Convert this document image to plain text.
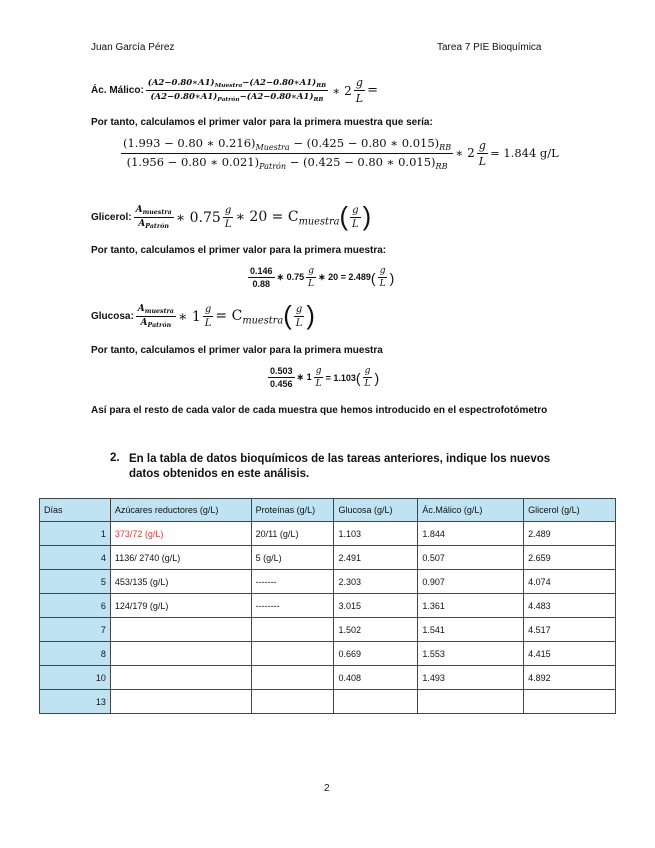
Juan García Pérez	Tarea 7 PIE Bioquímica
Ác. Málico: $\frac{(A2-0.80∗A1)_{Muestra}-(A2-0.80∗A1)_{RB}}{(A2-0.80∗A1)_{Patrón}-(A2-0.80∗A1)_{RB}}$ ∗ $2 \frac{g}{L}$ =
Por tanto, calculamos el primer valor para la primera muestra que sería:
$\frac{(1.993 - 0.80 ∗ 0.216)_{Muestra} - (0.425 - 0.80 ∗ 0.015)_{RB}}{(1.956 - 0.80 ∗ 0.021)_{Patrón} - (0.425 - 0.80 ∗ 0.015)_{RB}}$ ∗ $2 \frac{g}{L} = 1.844$ g/L
Glicerol: $\frac{A_{muestra}}{A_{Patrón}}$ ∗ $0.75 \frac{g}{L}$ ∗ $20 = C_{muestra}$ ( $\frac{g}{L}$ )
Por tanto, calculamos el primer valor para la primera muestra:
$\frac{0.146}{0.88}$ ∗ $0.75 \frac{g}{L}$ ∗ 20 = 2.489 ( $\frac{g}{L}$ )
Glucosa: $\frac{A_{muestra}}{A_{Patrón}}$ ∗ $1 \frac{g}{L} = C_{muestra}$ ( $\frac{g}{L}$ )
Por tanto, calculamos el primer valor para la primera muestra
$\frac{0.503}{0.456}$ ∗ $1 \frac{g}{L} = 1.103$ ( $\frac{g}{L}$ )
Así para el resto de cada valor de cada muestra que hemos introducido en el espectrofotómetro
2. En la tabla de datos bioquímicos de las tareas anteriores, indique los nuevos datos obtenidos en este análisis.
Días	Azúcares reductores (g/L)	Proteínas (g/L)	Glucosa (g/L)	Ác.Málico (g/L)	Glicerol (g/L)
1	373/72 (g/L)	20/11 (g/L)	1.103	1.844	2.489
4	1136/ 2740 (g/L)	5 (g/L)	2.491	0.507	2.659
5	453/135 (g/L)	-------	2.303	0.907	4.074
6	124/179 (g/L)	--------	3.015	1.361	4.483
7			1.502	1.541	4.517
8			0.669	1.553	4.415
10			0.408	1.493	4.892
13					
2
